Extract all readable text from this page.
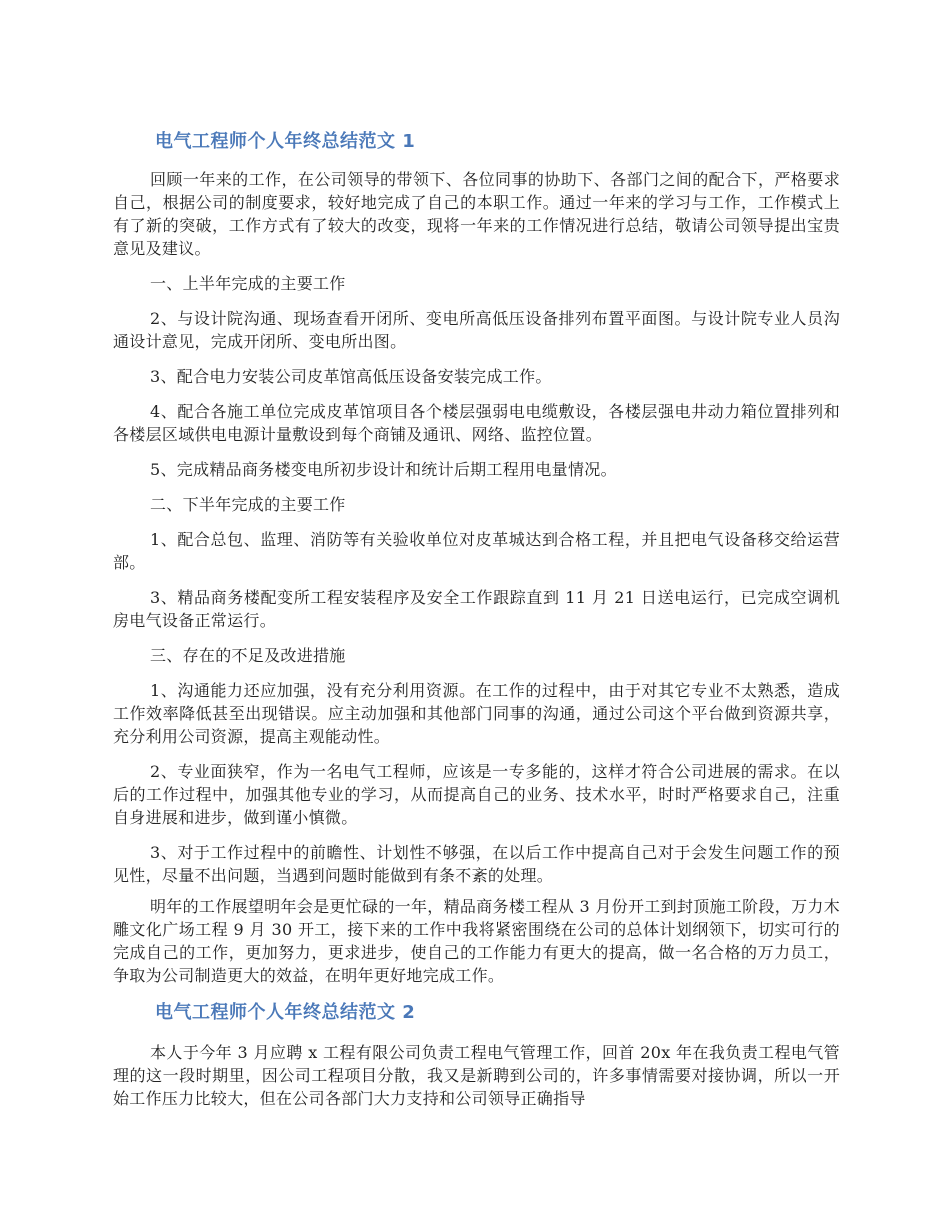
电气工程师个人年终总结范文 1

回顾一年来的工作，在公司领导的带领下、各位同事的协助下、各部门之间的配合下，严格要求自己，根据公司的制度要求，较好地完成了自己的本职工作。通过一年来的学习与工作，工作模式上有了新的突破，工作方式有了较大的改变，现将一年来的工作情况进行总结，敬请公司领导提出宝贵意见及建议。

一、上半年完成的主要工作

2、与设计院沟通、现场查看开闭所、变电所高低压设备排列布置平面图。与设计院专业人员沟通设计意见，完成开闭所、变电所出图。

3、配合电力安装公司皮革馆高低压设备安装完成工作。

4、配合各施工单位完成皮革馆项目各个楼层强弱电电缆敷设，各楼层强电井动力箱位置排列和各楼层区域供电电源计量敷设到每个商铺及通讯、网络、监控位置。

5、完成精品商务楼变电所初步设计和统计后期工程用电量情况。

二、下半年完成的主要工作

1、配合总包、监理、消防等有关验收单位对皮革城达到合格工程，并且把电气设备移交给运营部。

3、精品商务楼配变所工程安装程序及安全工作跟踪直到 11 月 21 日送电运行，已完成空调机房电气设备正常运行。

三、存在的不足及改进措施

1、沟通能力还应加强，没有充分利用资源。在工作的过程中，由于对其它专业不太熟悉，造成工作效率降低甚至出现错误。应主动加强和其他部门同事的沟通，通过公司这个平台做到资源共享，充分利用公司资源，提高主观能动性。

2、专业面狭窄，作为一名电气工程师，应该是一专多能的，这样才符合公司进展的需求。在以后的工作过程中，加强其他专业的学习，从而提高自己的业务、技术水平，时时严格要求自己，注重自身进展和进步，做到谨小慎微。

3、对于工作过程中的前瞻性、计划性不够强，在以后工作中提高自己对于会发生问题工作的预见性，尽量不出问题，当遇到问题时能做到有条不紊的处理。

明年的工作展望明年会是更忙碌的一年，精品商务楼工程从 3 月份开工到封顶施工阶段，万力木雕文化广场工程 9 月 30 开工，接下来的工作中我将紧密围绕在公司的总体计划纲领下，切实可行的完成自己的工作，更加努力，更求进步，使自己的工作能力有更大的提高，做一名合格的万力员工，争取为公司制造更大的效益，在明年更好地完成工作。

电气工程师个人年终总结范文 2

本人于今年 3 月应聘 x 工程有限公司负责工程电气管理工作，回首 20x 年在我负责工程电气管理的这一段时期里，因公司工程项目分散，我又是新聘到公司的，许多事情需要对接协调，所以一开始工作压力比较大，但在公司各部门大力支持和公司领导正确指导
